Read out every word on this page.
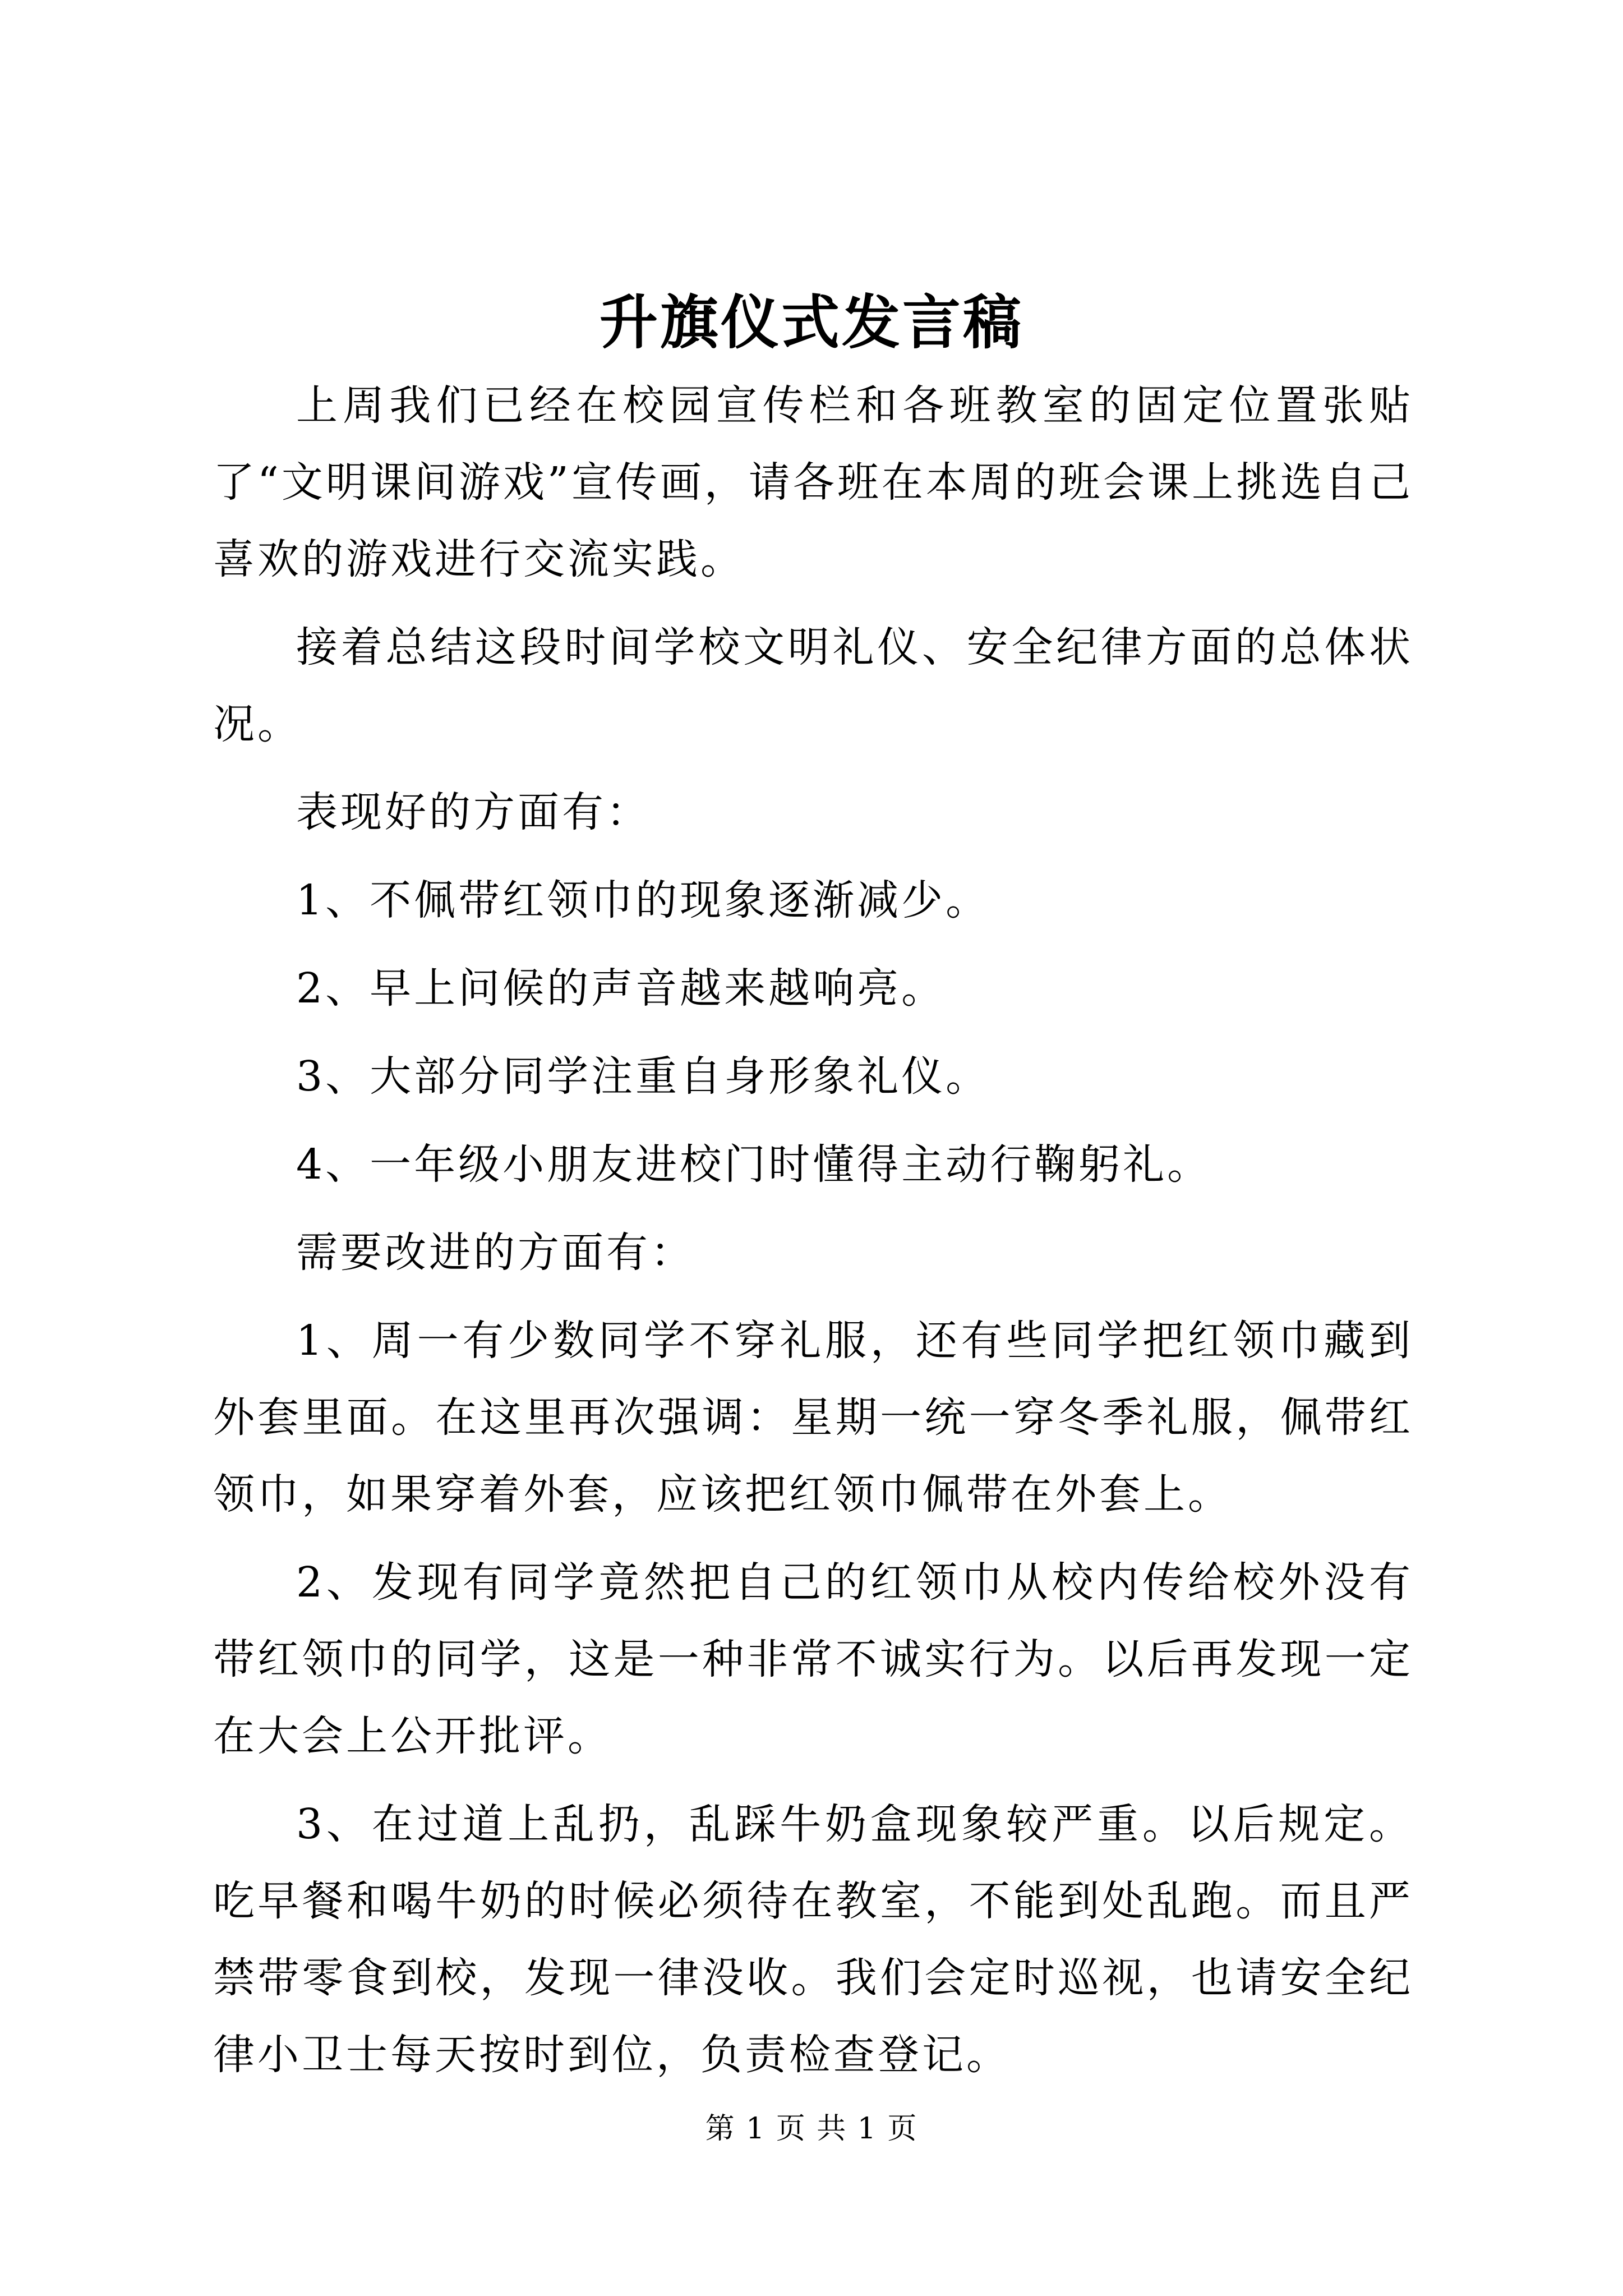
升旗仪式发言稿

上周我们已经在校园宣传栏和各班教室的固定位置张贴了“文明课间游戏”宣传画，请各班在本周的班会课上挑选自己喜欢的游戏进行交流实践。

接着总结这段时间学校文明礼仪、安全纪律方面的总体状况。

表现好的方面有：

1、不佩带红领巾的现象逐渐减少。

2、早上问候的声音越来越响亮。

3、大部分同学注重自身形象礼仪。

4、一年级小朋友进校门时懂得主动行鞠躬礼。

需要改进的方面有：

1、周一有少数同学不穿礼服，还有些同学把红领巾藏到外套里面。在这里再次强调：星期一统一穿冬季礼服，佩带红领巾，如果穿着外套，应该把红领巾佩带在外套上。

2、发现有同学竟然把自己的红领巾从校内传给校外没有带红领巾的同学，这是一种非常不诚实行为。以后再发现一定在大会上公开批评。

3、在过道上乱扔，乱踩牛奶盒现象较严重。以后规定。吃早餐和喝牛奶的时候必须待在教室，不能到处乱跑。而且严禁带零食到校，发现一律没收。我们会定时巡视，也请安全纪律小卫士每天按时到位，负责检查登记。

第 1 页 共 1 页
